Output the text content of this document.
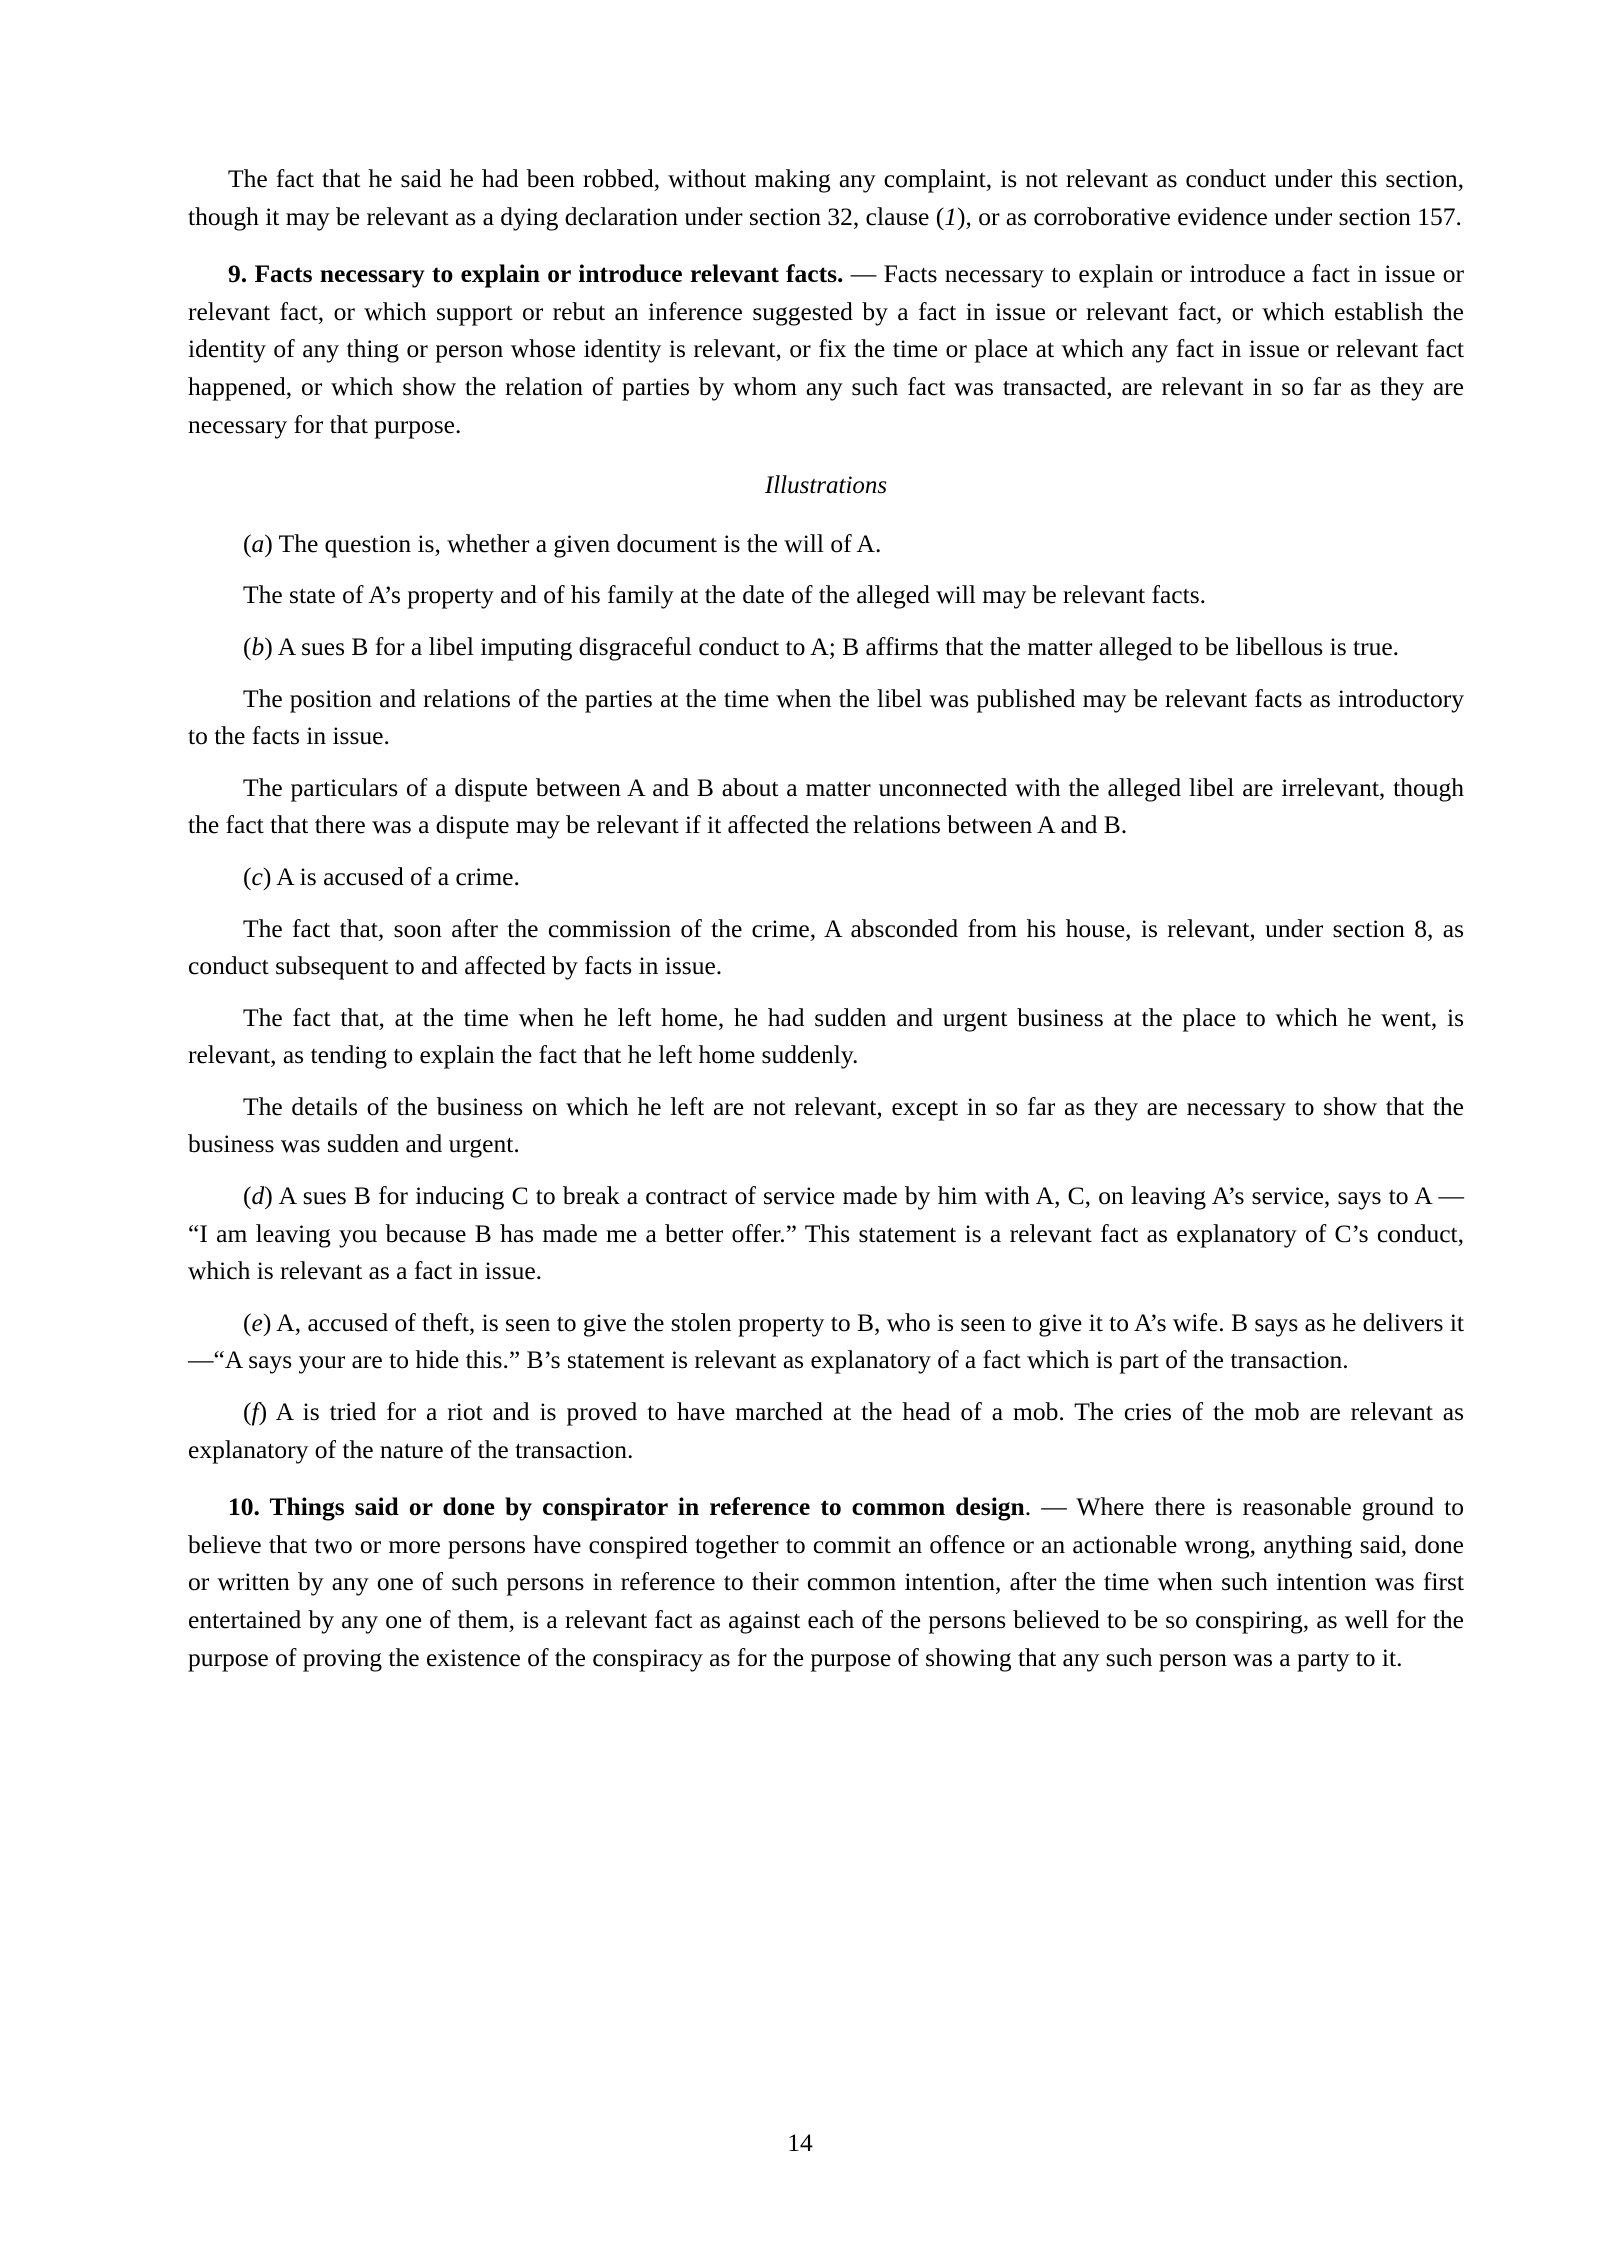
The fact that he said he had been robbed, without making any complaint, is not relevant as conduct under this section, though it may be relevant as a dying declaration under section 32, clause (1), or as corroborative evidence under section 157.

9. Facts necessary to explain or introduce relevant facts. — Facts necessary to explain or introduce a fact in issue or relevant fact, or which support or rebut an inference suggested by a fact in issue or relevant fact, or which establish the identity of any thing or person whose identity is relevant, or fix the time or place at which any fact in issue or relevant fact happened, or which show the relation of parties by whom any such fact was transacted, are relevant in so far as they are necessary for that purpose.

Illustrations

(a) The question is, whether a given document is the will of A.

The state of A’s property and of his family at the date of the alleged will may be relevant facts.

(b) A sues B for a libel imputing disgraceful conduct to A; B affirms that the matter alleged to be libellous is true.

The position and relations of the parties at the time when the libel was published may be relevant facts as introductory to the facts in issue.

The particulars of a dispute between A and B about a matter unconnected with the alleged libel are irrelevant, though the fact that there was a dispute may be relevant if it affected the relations between A and B.

(c) A is accused of a crime.

The fact that, soon after the commission of the crime, A absconded from his house, is relevant, under section 8, as conduct subsequent to and affected by facts in issue.

The fact that, at the time when he left home, he had sudden and urgent business at the place to which he went, is relevant, as tending to explain the fact that he left home suddenly.

The details of the business on which he left are not relevant, except in so far as they are necessary to show that the business was sudden and urgent.

(d) A sues B for inducing C to break a contract of service made by him with A, C, on leaving A’s service, says to A — “I am leaving you because B has made me a better offer.” This statement is a relevant fact as explanatory of C’s conduct, which is relevant as a fact in issue.

(e) A, accused of theft, is seen to give the stolen property to B, who is seen to give it to A’s wife. B says as he delivers it—“A says your are to hide this.” B’s statement is relevant as explanatory of a fact which is part of the transaction.

(f) A is tried for a riot and is proved to have marched at the head of a mob. The cries of the mob are relevant as explanatory of the nature of the transaction.

10. Things said or done by conspirator in reference to common design. — Where there is reasonable ground to believe that two or more persons have conspired together to commit an offence or an actionable wrong, anything said, done or written by any one of such persons in reference to their common intention, after the time when such intention was first entertained by any one of them, is a relevant fact as against each of the persons believed to be so conspiring, as well for the purpose of proving the existence of the conspiracy as for the purpose of showing that any such person was a party to it.

14
